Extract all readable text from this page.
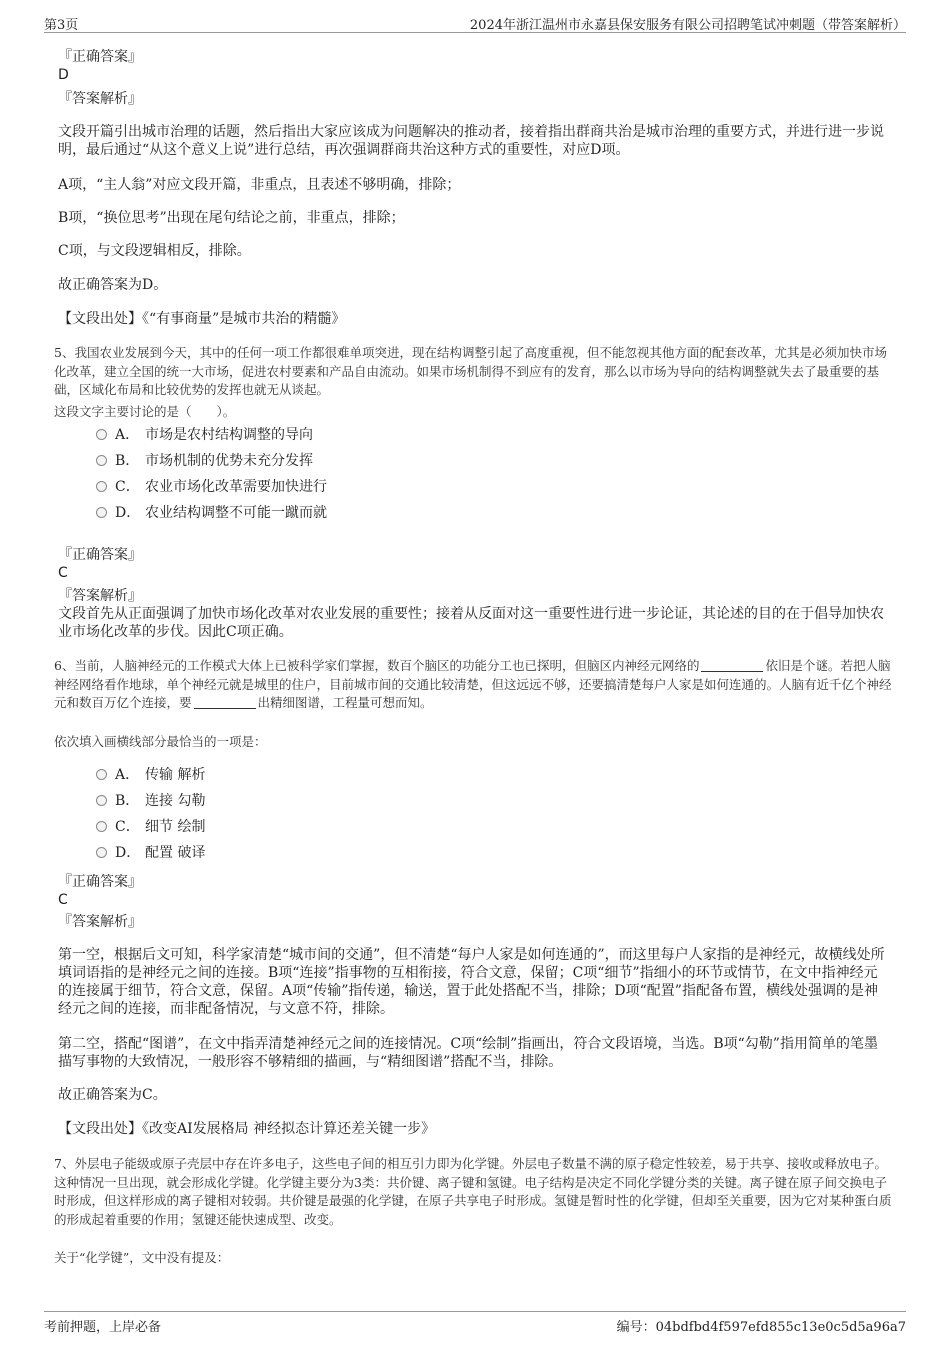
第3页	2024年浙江温州市永嘉县保安服务有限公司招聘笔试冲刺题（带答案解析）
『正确答案』
D
『答案解析』
文段开篇引出城市治理的话题，然后指出大家应该成为问题解决的推动者，接着指出群商共治是城市治理的重要方式，并进行进一步说明，最后通过“从这个意义上说”进行总结，再次强调群商共治这种方式的重要性，对应D项。
A项，“主人翁”对应文段开篇，非重点，且表述不够明确，排除；
B项，“换位思考”出现在尾句结论之前，非重点，排除；
C项，与文段逻辑相反，排除。
故正确答案为D。
【文段出处】《“有事商量”是城市共治的精髓》
5、我国农业发展到今天，其中的任何一项工作都很难单项突进，现在结构调整引起了高度重视，但不能忽视其他方面的配套改革，尤其是必须加快市场化改革，建立全国的统一大市场，促进农村要素和产品自由流动。如果市场机制得不到应有的发育，那么以市场为导向的结构调整就失去了最重要的基础，区域化布局和比较优势的发挥也就无从谈起。
这段文字主要讨论的是（　　）。
A． 市场是农村结构调整的导向
B． 市场机制的优势未充分发挥
C． 农业市场化改革需要加快进行
D． 农业结构调整不可能一蹴而就
『正确答案』
C
『答案解析』
文段首先从正面强调了加快市场化改革对农业发展的重要性；接着从反面对这一重要性进行进一步论证，其论述的目的在于倡导加快农业市场化改革的步伐。因此C项正确。
6、当前，人脑神经元的工作模式大体上已被科学家们掌握，数百个脑区的功能分工也已探明，但脑区内神经元网络的	依旧是个谜。若把人脑神经网络看作地球，单个神经元就是城里的住户，目前城市间的交通比较清楚，但这远远不够，还要搞清楚每户人家是如何连通的。人脑有近千亿个神经元和数百万亿个连接，要	出精细图谱，工程量可想而知。
依次填入画横线部分最恰当的一项是：
A． 传输 解析
B． 连接 勾勒
C． 细节 绘制
D． 配置 破译
『正确答案』
C
『答案解析』
第一空，根据后文可知，科学家清楚“城市间的交通”，但不清楚“每户人家是如何连通的”，而这里每户人家指的是神经元，故横线处所填词语指的是神经元之间的连接。B项“连接”指事物的互相衔接，符合文意，保留；C项“细节”指细小的环节或情节，在文中指神经元的连接属于细节，符合文意，保留。A项“传输”指传递，输送，置于此处搭配不当，排除；D项“配置”指配备布置，横线处强调的是神经元之间的连接，而非配备情况，与文意不符，排除。
第二空，搭配“图谱”，在文中指弄清楚神经元之间的连接情况。C项“绘制”指画出，符合文段语境，当选。B项“勾勒”指用简单的笔墨描写事物的大致情况，一般形容不够精细的描画，与“精细图谱”搭配不当，排除。
故正确答案为C。
【文段出处】《改变AI发展格局 神经拟态计算还差关键一步》
7、外层电子能级或原子壳层中存在许多电子，这些电子间的相互引力即为化学键。外层电子数量不满的原子稳定性较差，易于共享、接收或释放电子。这种情况一旦出现，就会形成化学键。化学键主要分为3类：共价键、离子键和氢键。电子结构是决定不同化学键分类的关键。离子键在原子间交换电子时形成，但这样形成的离子键相对较弱。共价键是最强的化学键，在原子共享电子时形成。氢键是暂时性的化学键，但却至关重要，因为它对某种蛋白质的形成起着重要的作用；氢键还能快速成型、改变。
关于“化学键”，文中没有提及：
考前押题，上岸必备	编号：04bdfbd4f597efd855c13e0c5d5a96a7
